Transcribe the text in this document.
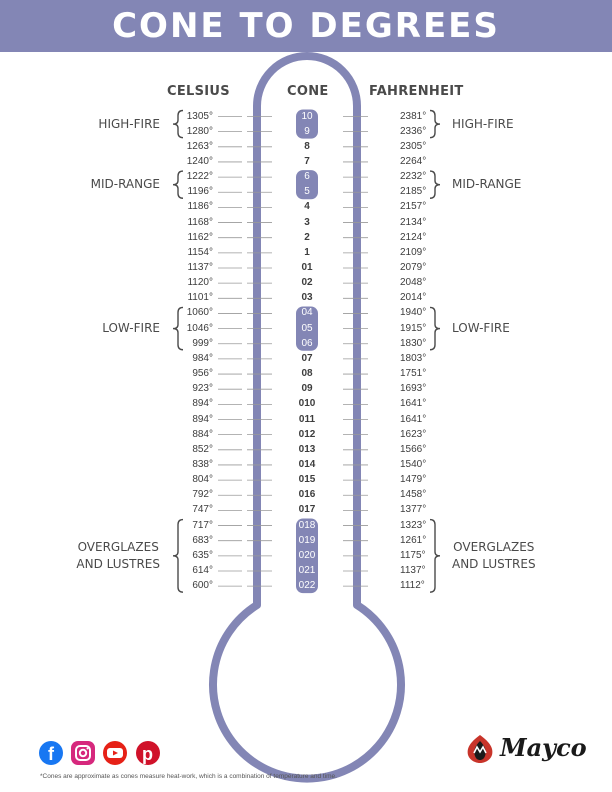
CONE TO DEGREES
CELSIUS	CONE	FAHRENHEIT
1305°	10	2381°
1280°	9	2336°
1263°	8	2305°
1240°	7	2264°
1222°	6	2232°
1196°	5	2185°
1186°	4	2157°
1168°	3	2134°
1162°	2	2124°
1154°	1	2109°
1137°	01	2079°
1120°	02	2048°
1101°	03	2014°
1060°	04	1940°
1046°	05	1915°
999°	06	1830°
984°	07	1803°
956°	08	1751°
923°	09	1693°
894°	010	1641°
894°	011	1641°
884°	012	1623°
852°	013	1566°
838°	014	1540°
804°	015	1479°
792°	016	1458°
747°	017	1377°
717°	018	1323°
683°	019	1261°
635°	020	1175°
614°	021	1137°
600°	022	1112°
HIGH-FIRE	HIGH-FIRE
MID-RANGE	MID-RANGE
LOW-FIRE	LOW-FIRE
OVERGLAZES
AND LUSTRES
OVERGLAZES
AND LUSTRES
f	p	Mayco
*Cones are approximate as cones measure heat-work, which is a combination of temperature and time.
